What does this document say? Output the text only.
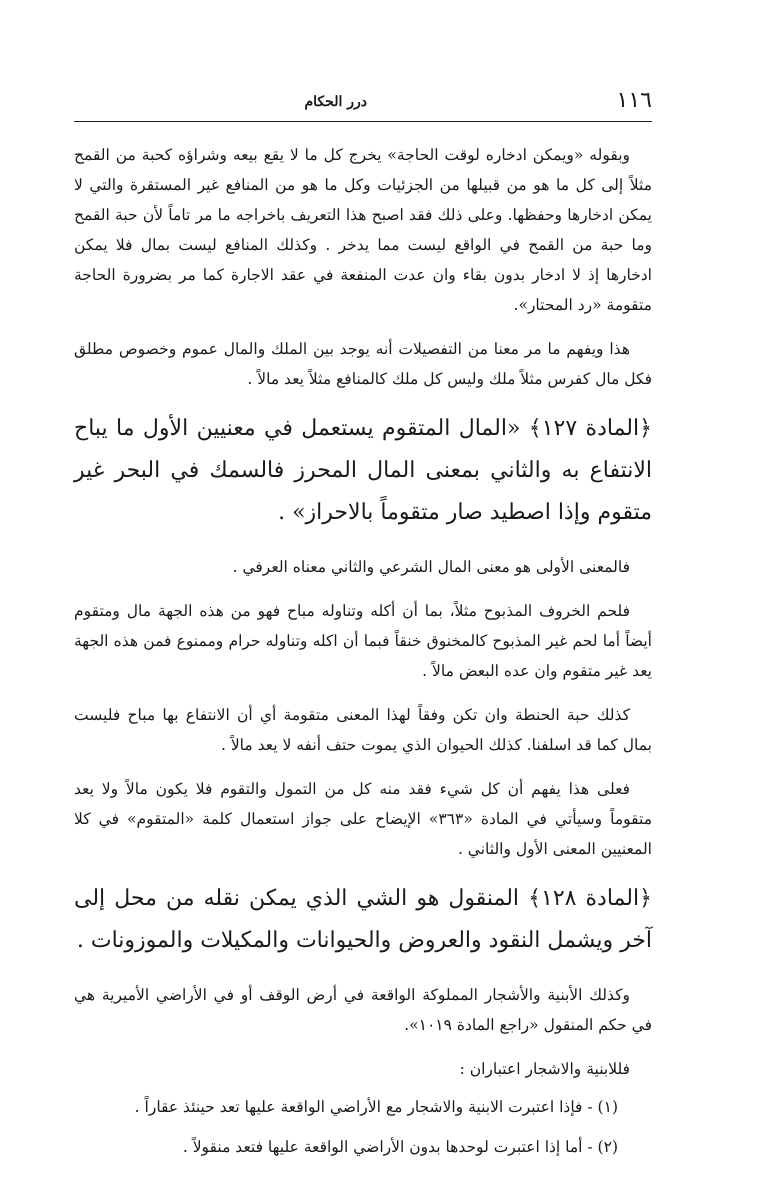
١١٦
درر الحكام

وبقوله «ويمكن ادخاره لوقت الحاجة» يخرج كل ما لا يقع بيعه وشراؤه كحبة من القمح مثلاً إلى كل ما هو من قبيلها من الجزئيات وكل ما هو من المنافع غير المستقرة والتي لا يمكن ادخارها وحفظها. وعلى ذلك فقد اصبح هذا التعريف باخراجه ما مر تاماً لأن حبة القمح وما حبة من القمح في الواقع ليست مما يدخر . وكذلك المنافع ليست بمال فلا يمكن ادخارها إذ لا ادخار بدون بقاء وان عدت المنفعة في عقد الاجارة كما مر بضرورة الحاجة متقومة «رد المحتار».

هذا ويفهم ما مر معنا من التفصيلات أنه يوجد بين الملك والمال عموم وخصوص مطلق فكل مال كفرس مثلاً ملك وليس كل ملك كالمنافع مثلاً يعد مالاً .

﴿المادة ١٢٧﴾ «المال المتقوم يستعمل في معنيين الأول ما يباح الانتفاع به والثاني بمعنى المال المحرز فالسمك في البحر غير متقوم وإذا اصطيد صار متقوماً بالاحراز» .

فالمعنى الأولى هو معنى المال الشرعي والثاني معناه العرفي .

فلحم الخروف المذبوح مثلاً، بما أن أكله وتناوله مباح فهو من هذه الجهة مال ومتقوم أيضاً أما لحم غير المذبوح كالمخنوق خنقاً فبما أن اكله وتناوله حرام وممنوع فمن هذه الجهة يعد غير متقوم وان عده البعض مالاً .

كذلك حبة الحنطة وان تكن وفقاً لهذا المعنى متقومة أي أن الانتفاع بها مباح فليست بمال كما قد اسلفنا. كذلك الحيوان الذي يموت حتف أنفه لا يعد مالاً .

فعلى هذا يفهم أن كل شيء فقد منه كل من التمول والتقوم فلا يكون مالاً ولا يعد متقوماً وسيأتي في المادة «٣٦٣» الإيضاح على جواز استعمال كلمة «المتقوم» في كلا المعنيين المعنى الأول والثاني .

﴿المادة ١٢٨﴾ المنقول هو الشي الذي يمكن نقله من محل إلى آخر ويشمل النقود والعروض والحيوانات والمكيلات والموزونات .

وكذلك الأبنية والأشجار المملوكة الواقعة في أرض الوقف أو في الأراضي الأميرية هي في حكم المنقول «راجع المادة ١٠١٩».

فللابنية والاشجار اعتباران :

(١) - فإذا اعتبرت الابنية والاشجار مع الأراضي الواقعة عليها تعد حينئذ عقاراً .

(٢) - أما إذا اعتبرت لوحدها بدون الأراضي الواقعة عليها فتعد منقولاً .
